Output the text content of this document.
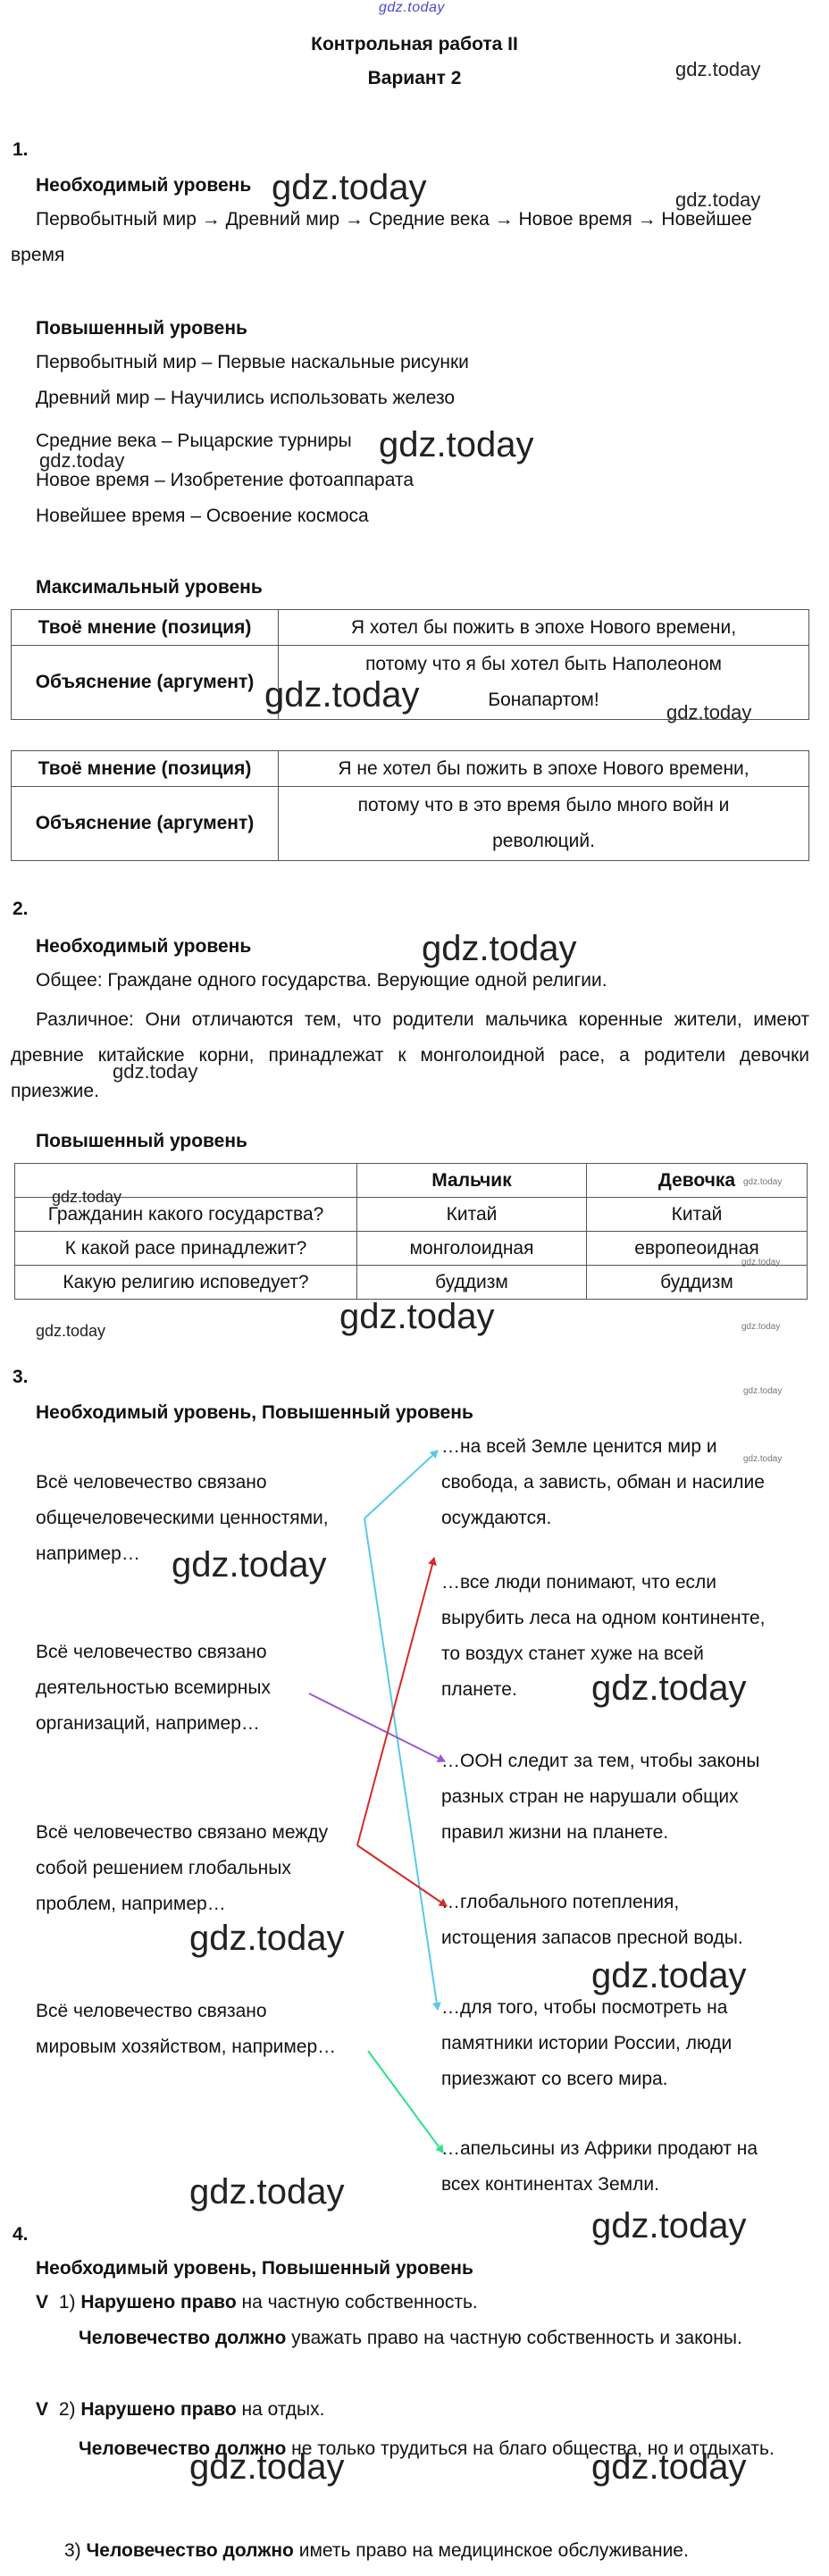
gdz.today
Контрольная работа II
Вариант 2	gdz.today
1.
Необходимый уровень gdz.today	gdz.today
Первобытный мир → Древний мир → Средние века → Новое время → Новейшее
время
Повышенный уровень
Первобытный мир – Первые наскальные рисунки
Древний мир – Научились использовать железо
Средние века – Рыцарские турниры gdz.today
gdz.today
Новое время – Изобретение фотоаппарата
Новейшее время – Освоение космоса
Максимальный уровень
Твоё мнение (позиция)	Я хотел бы пожить в эпохе Нового времени,
Объяснение (аргумент)	потому что я бы хотел быть Наполеоном
Бонапартом!
gdz.today	gdz.today
Твоё мнение (позиция)	Я не хотел бы пожить в эпохе Нового времени,
Объяснение (аргумент)	потому что в это время было много войн и
революций.
2.
Необходимый уровень	gdz.today
Общее: Граждане одного государства. Верующие одной религии.
Различное: Они отличаются тем, что родители мальчика коренные жители, имеют древние китайские корни, принадлежат к монголоидной расе, а родители девочки приезжие.
gdz.today
Повышенный уровень
	Мальчик	Девочка
Гражданин какого государства?	Китай	Китай
К какой расе принадлежит?	монголоидная	европеоидная
Какую религию исповедует?	буддизм	буддизм
gdz.today
gdz.today
gdz.today
gdz.today
gdz.today	gdz.today
3.
gdz.today
Необходимый уровень, Повышенный уровень
Всё человечество связано
общечеловеческими ценностями,
например…
Всё человечество связано
деятельностью всемирных
организаций, например…
Всё человечество связано между
собой решением глобальных
проблем, например…
Всё человечество связано
мировым хозяйством, например…
…на всей Земле ценится мир и
свобода, а зависть, обман и насилие
осуждаются.
…все люди понимают, что если
вырубить леса на одном континенте,
то воздух станет хуже на всей
планете.
…ООН следит за тем, чтобы законы
разных стран не нарушали общих
правил жизни на планете.
…глобального потепления,
истощения запасов пресной воды.
…для того, чтобы посмотреть на
памятники истории России, люди
приезжают со всего мира.
…апельсины из Африки продают на
всех континентах Земли.
gdz.today
gdz.today
gdz.today
gdz.today
gdz.today
gdz.today
4.	gdz.today
Необходимый уровень, Повышенный уровень
V 1) Нарушено право на частную собственность.
Человечество должно уважать право на частную собственность и законы.
V 2) Нарушено право на отдых.
Человечество должно не только трудиться на благо общества, но и отдыхать.
gdz.today	gdz.today
3) Человечество должно иметь право на медицинское обслуживание.
